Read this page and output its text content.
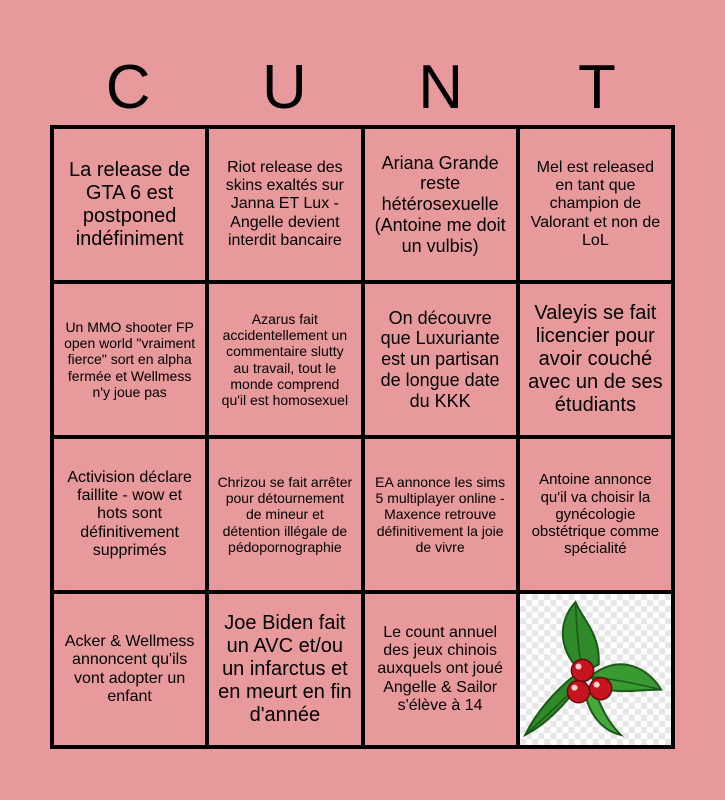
C	U	N	T
La release de GTA 6 est postponed indéfiniment
Riot release des skins exaltés sur Janna ET Lux - Angelle devient interdit bancaire
Ariana Grande reste hétérosexuelle (Antoine me doit un vulbis)
Mel est released en tant que champion de Valorant et non de LoL
Un MMO shooter FP open world "vraiment fierce" sort en alpha fermée et Wellmess n'y joue pas
Azarus fait accidentellement un commentaire slutty au travail, tout le monde comprend qu'il est homosexuel
On découvre que Luxuriante est un partisan de longue date du KKK
Valeyis se fait licencier pour avoir couché avec un de ses étudiants
Activision déclare faillite - wow et hots sont définitivement supprimés
Chrizou se fait arrêter pour détournement de mineur et détention illégale de pédopornographie
EA annonce les sims 5 multiplayer online - Maxence retrouve définitivement la joie de vivre
Antoine annonce qu'il va choisir la gynécologie obstétrique comme spécialité
Acker & Wellmess annoncent qu'ils vont adopter un enfant
Joe Biden fait un AVC et/ou un infarctus et en meurt en fin d'année
Le count annuel des jeux chinois auxquels ont joué Angelle & Sailor s'élève à 14
